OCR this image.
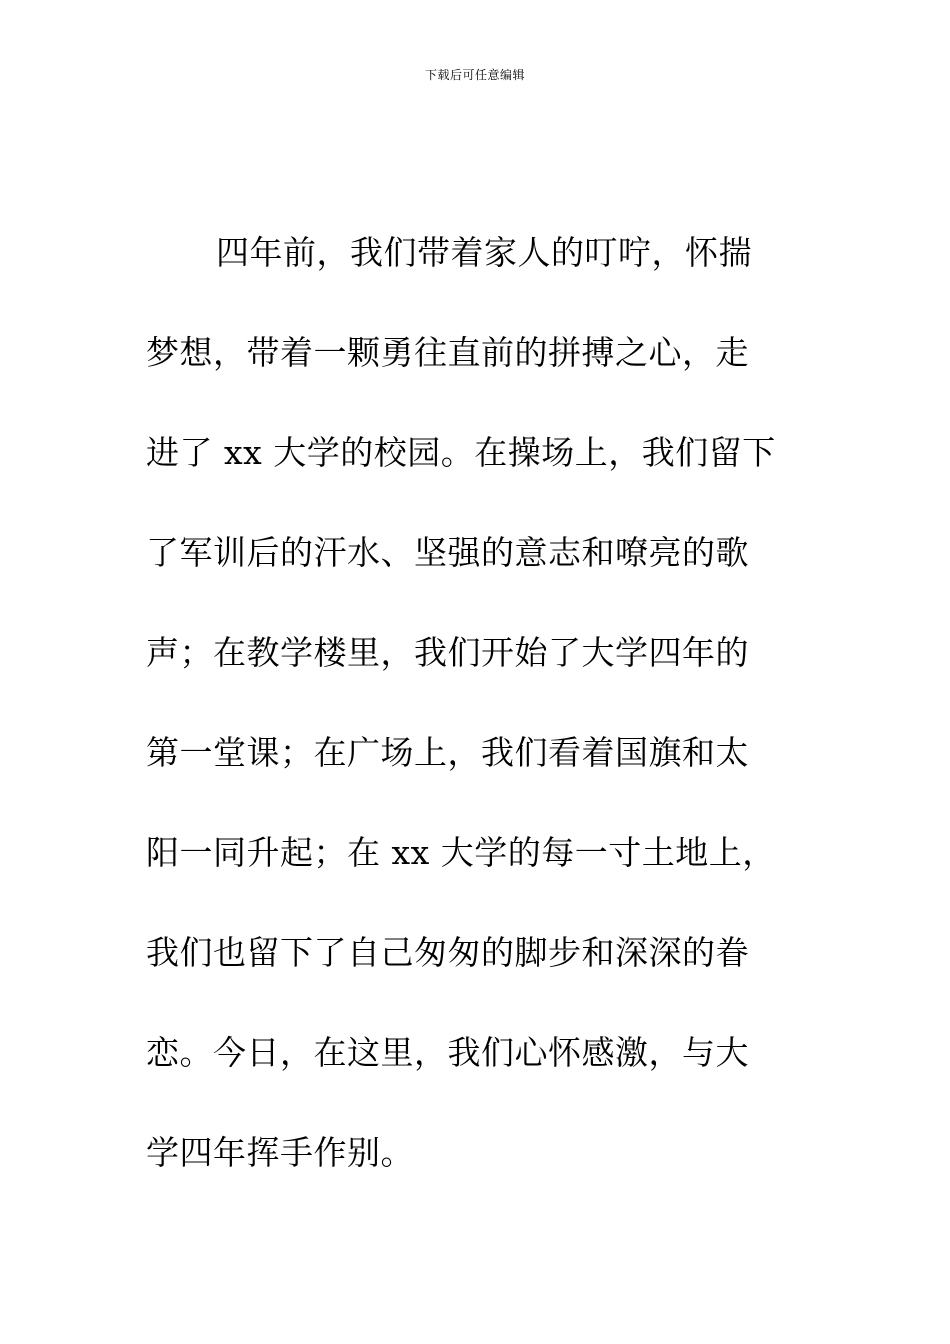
下载后可任意编辑
四年前，我们带着家人的叮咛，怀揣
梦想，带着一颗勇往直前的拼搏之心，走
进了 xx 大学的校园。在操场上，我们留下
了军训后的汗水、坚强的意志和嘹亮的歌
声；在教学楼里，我们开始了大学四年的
第一堂课；在广场上，我们看着国旗和太
阳一同升起；在 xx 大学的每一寸土地上，
我们也留下了自己匆匆的脚步和深深的眷
恋。今日，在这里，我们心怀感激，与大
学四年挥手作别。
